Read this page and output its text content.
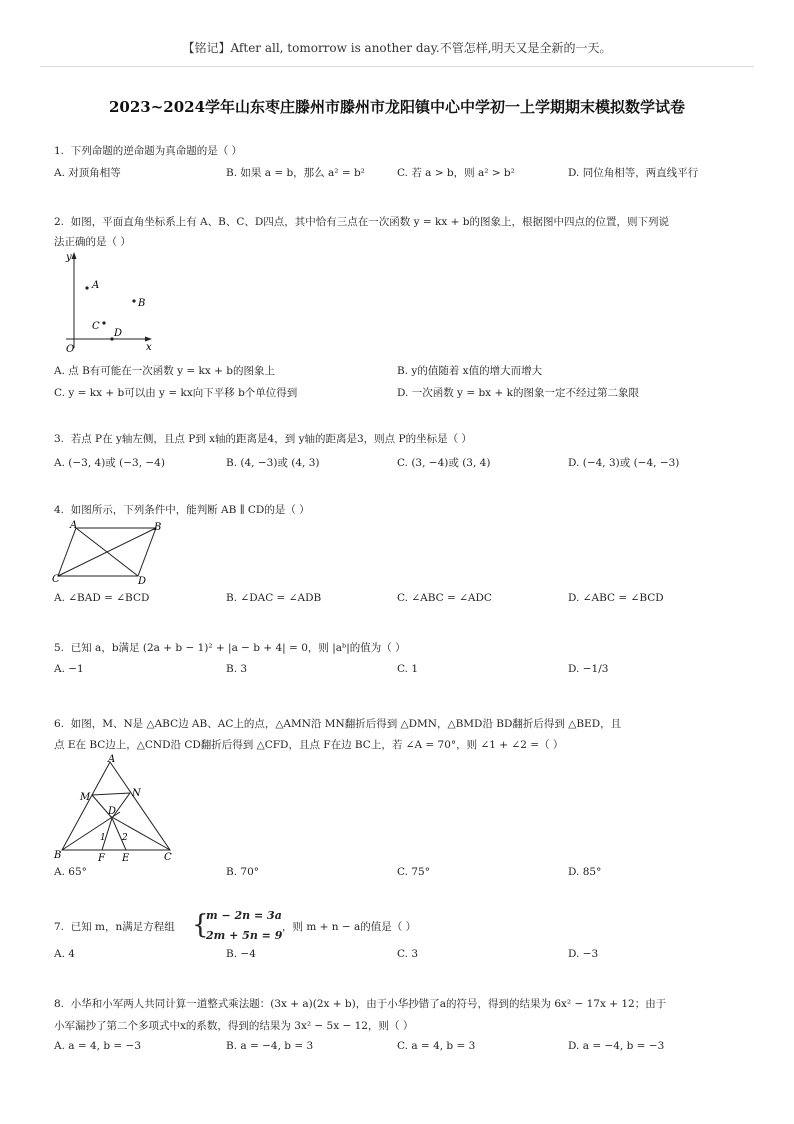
【铭记】After all, tomorrow is another day.不管怎样,明天又是全新的一天。
2023~2024学年山东枣庄滕州市滕州市龙阳镇中心中学初一上学期期末模拟数学试卷
1. 下列命题的逆命题为真命题的是（ ）
A. 对顶角相等	B. 如果 a = b，那么 a² = b²	C. 若 a > b，则 a² > b²	D. 同位角相等，两直线平行
2. 如图，平面直角坐标系上有 A、B、C、D四点，其中恰有三点在一次函数 y = kx + b的图象上，根据图中四点的位置，则下列说
法正确的是（ ）
y
x
O
A
B
C
D
A. 点 B有可能在一次函数 y = kx + b的图象上	B. y的值随着 x值的增大而增大
C. y = kx + b可以由 y = kx向下平移 b个单位得到	D. 一次函数 y = bx + k的图象一定不经过第二象限
3. 若点 P在 y轴左侧，且点 P到 x轴的距离是4，到 y轴的距离是3，则点 P的坐标是（ ）
A. (−3, 4)或 (−3, −4)	B. (4, −3)或 (4, 3)	C. (3, −4)或 (3, 4)	D. (−4, 3)或 (−4, −3)
4. 如图所示，下列条件中，能判断 AB ∥ CD的是（ ）
A	B
C	D
A. ∠BAD = ∠BCD	B. ∠DAC = ∠ADB	C. ∠ABC = ∠ADC	D. ∠ABC = ∠BCD
5. 已知 a，b满足 (2a + b − 1)² + |a − b + 4| = 0，则 |aᵇ|的值为（ ）
A. −1	B. 3	C. 1	D. −1/3
6. 如图，M、N是 △ABC边 AB、AC上的点，△AMN沿 MN翻折后得到 △DMN，△BMD沿 BD翻折后得到 △BED，且
点 E在 BC边上，△CND沿 CD翻折后得到 △CFD，且点 F在边 BC上，若 ∠A = 70°，则 ∠1 + ∠2 =（ ）
A
M	N
D
1 2
B	F E	C
A. 65°	B. 70°	C. 75°	D. 85°
7. 已知 m，n满足方程组 {
m − 2n = 3a
2m + 5n = 9
，则 m + n − a的值是（ ）
A. 4	B. −4	C. 3	D. −3
8. 小华和小军两人共同计算一道整式乘法题：(3x + a)(2x + b)，由于小华抄错了a的符号，得到的结果为 6x² − 17x + 12；由于
小军漏抄了第二个多项式中x的系数，得到的结果为 3x² − 5x − 12，则（ ）
A. a = 4, b = −3	B. a = −4, b = 3	C. a = 4, b = 3	D. a = −4, b = −3
